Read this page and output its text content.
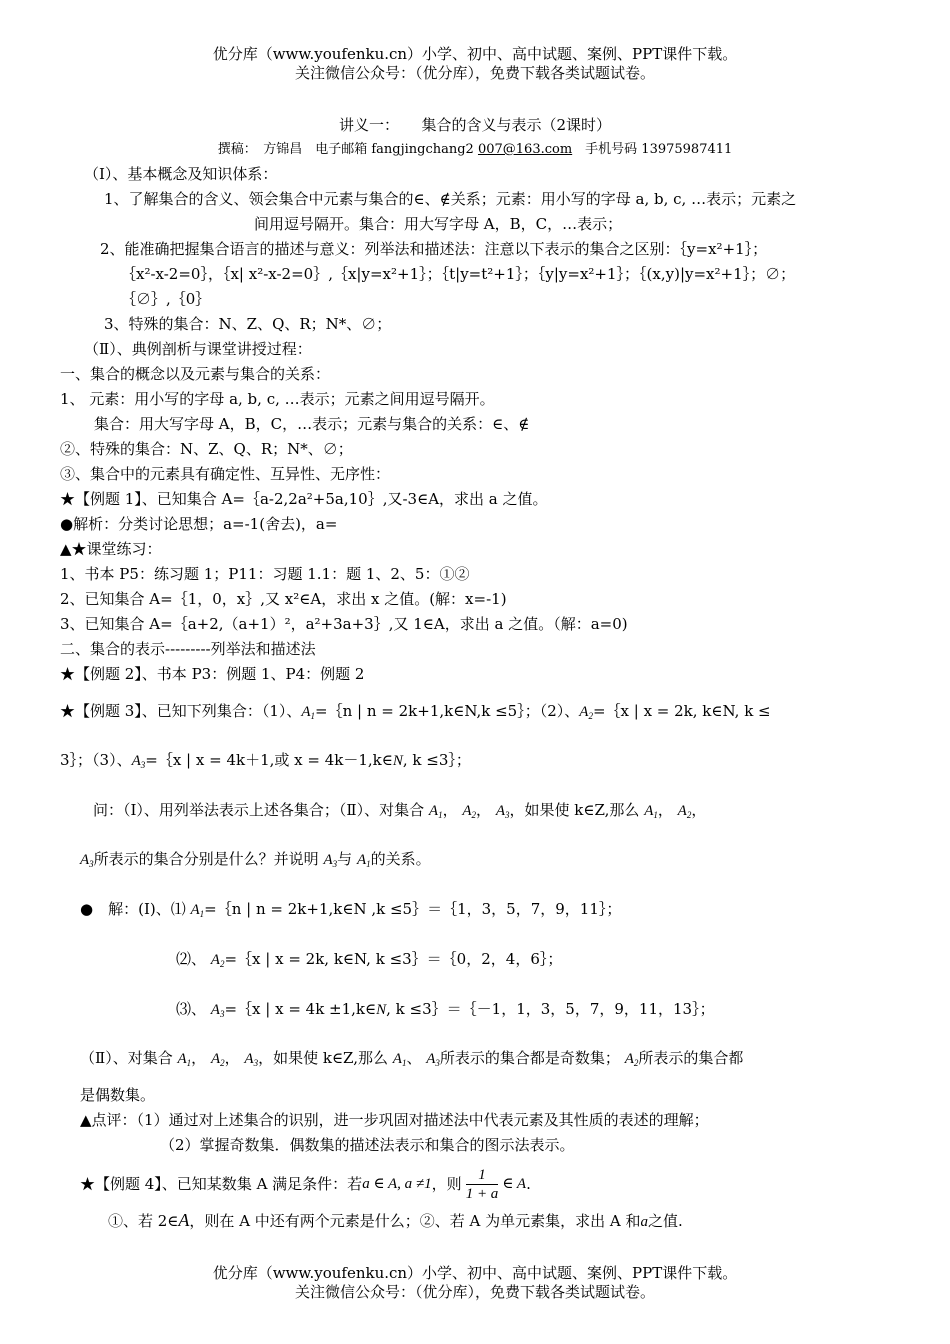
优分库（www.youfenku.cn）小学、初中、高中试题、案例、PPT课件下载。
关注微信公众号：（优分库），免费下载各类试题试卷。
讲义一：　　集合的含义与表示（2课时）
撰稿：　方锦昌　电子邮箱 fangjingchang2 007@163.com　手机号码 13975987411
（Ⅰ）、基本概念及知识体系：
1、了解集合的含义、领会集合中元素与集合的∈、∉关系；元素：用小写的字母 a, b, c, …表示；元素之
间用逗号隔开。集合：用大写字母 A，B，C，…表示；
2、能准确把握集合语言的描述与意义：列举法和描述法：注意以下表示的集合之区别：｛y=x²+1｝；
｛x²-x-2=0｝，｛x| x²-x-2=0｝,｛x|y=x²+1｝；｛t|y=t²+1｝；｛y|y=x²+1｝；｛(x,y)|y=x²+1｝；∅；
｛∅｝,｛0｝
3、特殊的集合：N、Z、Q、R；N*、∅；
（Ⅱ）、典例剖析与课堂讲授过程：
一、集合的概念以及元素与集合的关系：
1、 元素：用小写的字母 a, b, c, …表示；元素之间用逗号隔开。
集合：用大写字母 A，B，C，…表示；元素与集合的关系：∈、∉
②、特殊的集合：N、Z、Q、R；N*、∅；
③、集合中的元素具有确定性、互异性、无序性：
★【例题 1】、已知集合 A=｛a-2,2a²+5a,10｝,又-3∈A，求出 a 之值。
●解析：分类讨论思想；a=-1(舍去)，a=
▲★课堂练习：
1、书本 P5：练习题 1；P11：习题 1.1：题 1、2、5：①②
2、已知集合 A=｛1，0，x｝,又 x²∈A，求出 x 之值。(解：x=-1)
3、已知集合 A=｛a+2,（a+1）²，a²+3a+3｝,又 1∈A，求出 a 之值。（解：a=0)
二、集合的表示---------列举法和描述法
★【例题 2】、书本 P3：例题 1、P4：例题 2
★【例题 3】、已知下列集合：（1）、$A_1=\{n$ | n = 2k+1,k∈N,k ≤5｝；（2）、$A_2=\{x$ | x = 2k, k∈N, k ≤
3｝；（3）、$A_3=\{x$ | x = 4k＋1,或 x = 4k－1,k∈N, k ≤3｝；
问：（Ⅰ）、用列举法表示上述各集合；（Ⅱ）、对集合 $A_1$， $A_2$， $A_3$，如果使 k∈Z,那么 $A_1$， $A_2$，
$A_3$所表示的集合分别是什么？并说明 $A_3$与 $A_1$的关系。
●　解：(I)、⑴ $A_1=\{n$ | n = 2k+1,k∈N ,k ≤5｝＝｛1，3，5，7，9，11｝；
⑵、 $A_2=\{x$ | x = 2k, k∈N, k ≤3｝＝｛0，2，4，6｝；
⑶、 $A_3=\{x$ | x = 4k ±1,k∈N, k ≤3｝＝｛－1，1，3，5，7，9，11，13｝；
（Ⅱ）、对集合 $A_1$， $A_2$， $A_3$，如果使 k∈Z,那么 $A_1$、 $A_3$所表示的集合都是奇数集； $A_2$所表示的集合都
是偶数集。
▲点评：（1）通过对上述集合的识别，进一步巩固对描述法中代表元素及其性质的表述的理解；
（2）掌握奇数集．偶数集的描述法表示和集合的图示法表示。
★【例题 4】、已知某数集 A 满足条件：若 a ∈ A, a ≠1 ，则 $\frac{1}{1 + a}$ ∈ A .
①、若 2∈A，则在 A 中还有两个元素是什么；②、若 A 为单元素集，求出 A 和a之值.
优分库（www.youfenku.cn）小学、初中、高中试题、案例、PPT课件下载。
关注微信公众号：（优分库），免费下载各类试题试卷。
